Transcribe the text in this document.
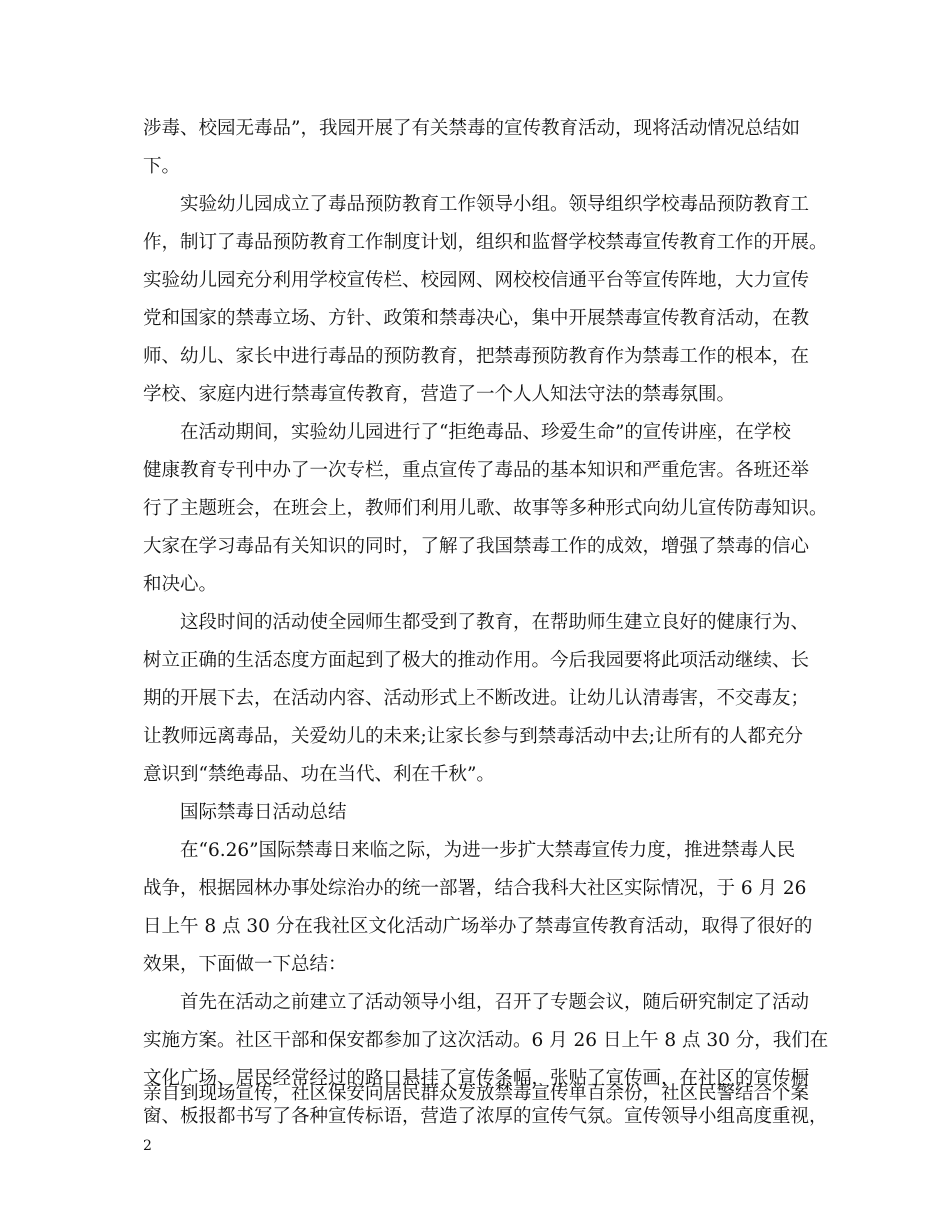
涉毒、校园无毒品”，我园开展了有关禁毒的宣传教育活动，现将活动情况总结如
下。
实验幼儿园成立了毒品预防教育工作领导小组。领导组织学校毒品预防教育工
作，制订了毒品预防教育工作制度计划，组织和监督学校禁毒宣传教育工作的开展。
实验幼儿园充分利用学校宣传栏、校园网、网校校信通平台等宣传阵地，大力宣传
党和国家的禁毒立场、方针、政策和禁毒决心，集中开展禁毒宣传教育活动，在教
师、幼儿、家长中进行毒品的预防教育，把禁毒预防教育作为禁毒工作的根本，在
学校、家庭内进行禁毒宣传教育，营造了一个人人知法守法的禁毒氛围。
在活动期间，实验幼儿园进行了“拒绝毒品、珍爱生命”的宣传讲座，在学校
健康教育专刊中办了一次专栏，重点宣传了毒品的基本知识和严重危害。各班还举
行了主题班会，在班会上，教师们利用儿歌、故事等多种形式向幼儿宣传防毒知识。
大家在学习毒品有关知识的同时，了解了我国禁毒工作的成效，增强了禁毒的信心
和决心。
这段时间的活动使全园师生都受到了教育，在帮助师生建立良好的健康行为、
树立正确的生活态度方面起到了极大的推动作用。今后我园要将此项活动继续、长
期的开展下去，在活动内容、活动形式上不断改进。让幼儿认清毒害，不交毒友；
让教师远离毒品，关爱幼儿的未来;让家长参与到禁毒活动中去;让所有的人都充分
意识到“禁绝毒品、功在当代、利在千秋”。
国际禁毒日活动总结
在“6.26”国际禁毒日来临之际，为进一步扩大禁毒宣传力度，推进禁毒人民
战争，根据园林办事处综治办的统一部署，结合我科大社区实际情况，于 6 月 26
日上午 8 点 30 分在我社区文化活动广场举办了禁毒宣传教育活动，取得了很好的
效果，下面做一下总结：
首先在活动之前建立了活动领导小组，召开了专题会议，随后研究制定了活动
实施方案。社区干部和保安都参加了这次活动。6 月 26 日上午 8 点 30 分，我们在
文化广场、居民经常经过的路口悬挂了宣传条幅，张贴了宣传画，在社区的宣传橱
窗、板报都书写了各种宣传标语，营造了浓厚的宣传气氛。宣传领导小组高度重视，
亲自到现场宣传，社区保安向居民群众发放禁毒宣传单百余份，社区民警结合个案
2
